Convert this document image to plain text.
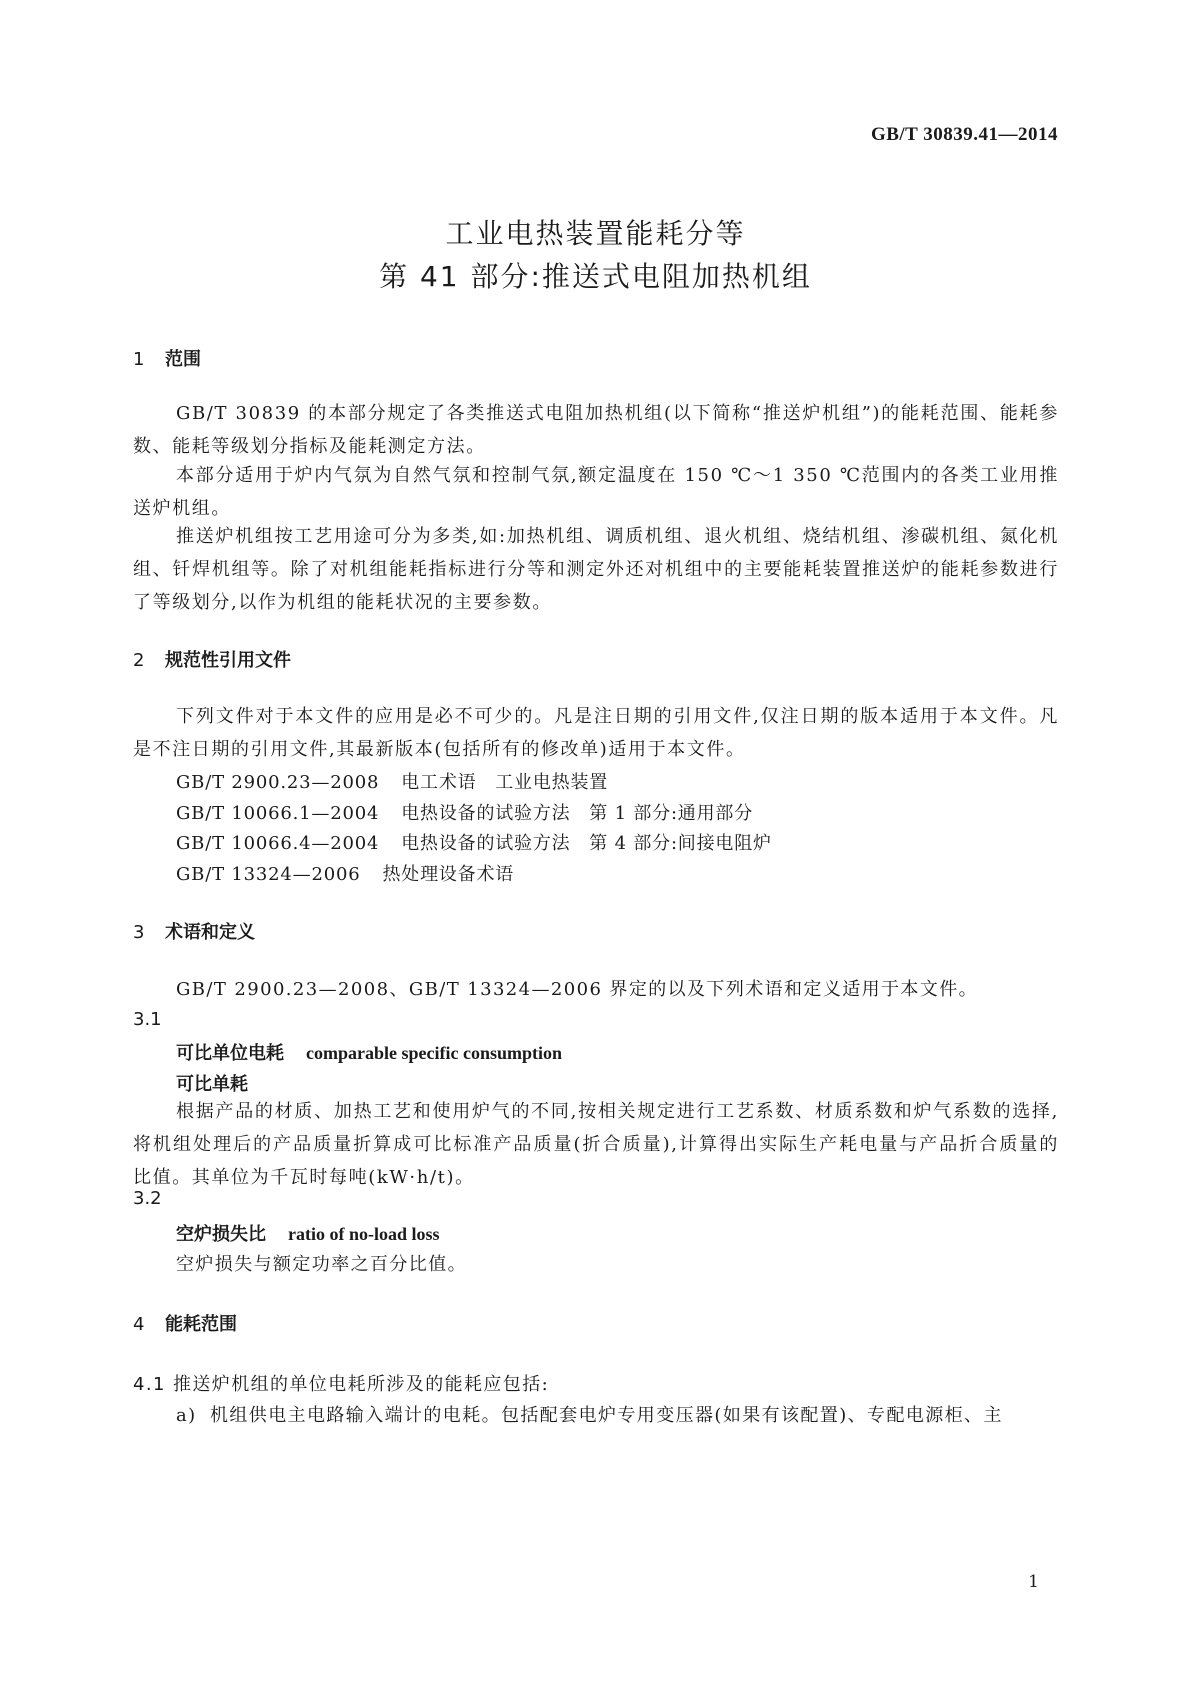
GB/T 30839.41—2014
工业电热装置能耗分等
第 41 部分:推送式电阻加热机组
1 范围
GB/T 30839 的本部分规定了各类推送式电阻加热机组(以下简称“推送炉机组”)的能耗范围、能耗参数、能耗等级划分指标及能耗测定方法。
本部分适用于炉内气氛为自然气氛和控制气氛,额定温度在 150 ℃～1 350 ℃范围内的各类工业用推送炉机组。
推送炉机组按工艺用途可分为多类,如:加热机组、调质机组、退火机组、烧结机组、渗碳机组、氮化机组、钎焊机组等。除了对机组能耗指标进行分等和测定外还对机组中的主要能耗装置推送炉的能耗参数进行了等级划分,以作为机组的能耗状况的主要参数。
2 规范性引用文件
下列文件对于本文件的应用是必不可少的。凡是注日期的引用文件,仅注日期的版本适用于本文件。凡是不注日期的引用文件,其最新版本(包括所有的修改单)适用于本文件。
GB/T 2900.23—2008 电工术语　工业电热装置
GB/T 10066.1—2004 电热设备的试验方法　第 1 部分:通用部分
GB/T 10066.4—2004 电热设备的试验方法　第 4 部分:间接电阻炉
GB/T 13324—2006 热处理设备术语
3 术语和定义
GB/T 2900.23—2008、GB/T 13324—2006 界定的以及下列术语和定义适用于本文件。
3.1
可比单位电耗 comparable specific consumption
可比单耗
根据产品的材质、加热工艺和使用炉气的不同,按相关规定进行工艺系数、材质系数和炉气系数的选择,将机组处理后的产品质量折算成可比标准产品质量(折合质量),计算得出实际生产耗电量与产品折合质量的比值。其单位为千瓦时每吨(kW·h/t)。
3.2
空炉损失比 ratio of no-load loss
空炉损失与额定功率之百分比值。
4 能耗范围
4.1 推送炉机组的单位电耗所涉及的能耗应包括:
a) 机组供电主电路输入端计的电耗。包括配套电炉专用变压器(如果有该配置)、专配电源柜、主
1
